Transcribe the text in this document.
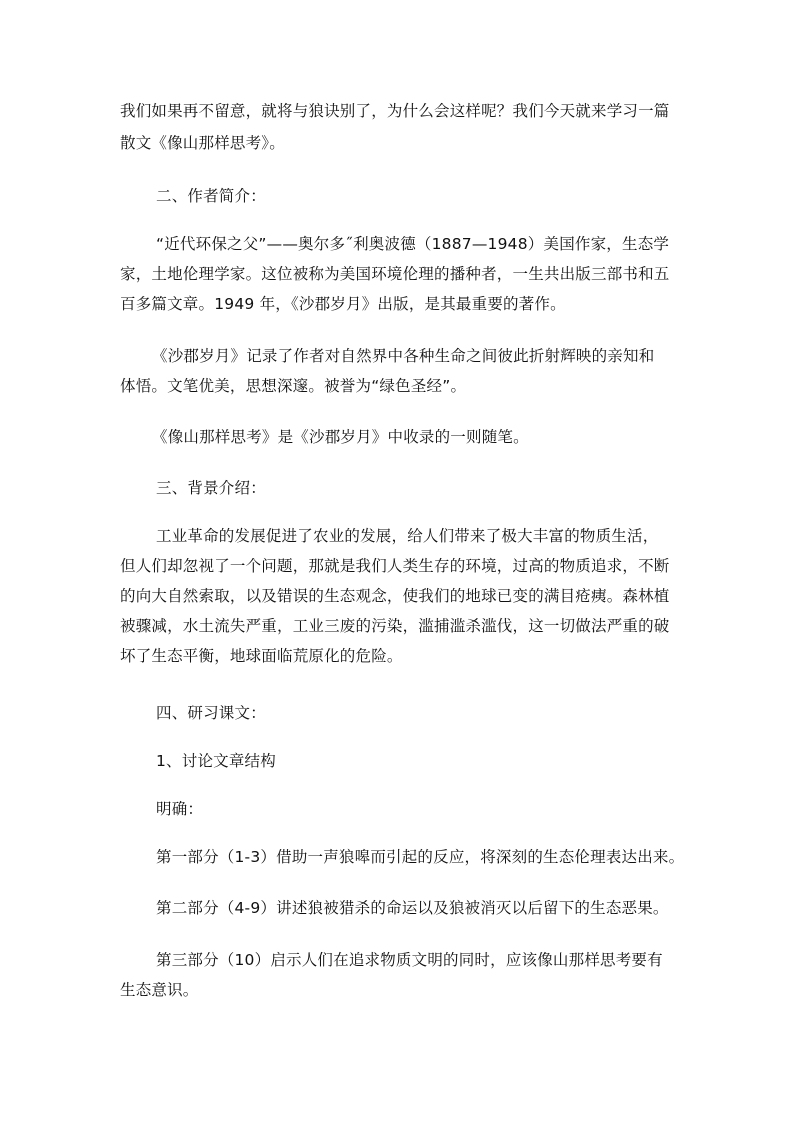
我们如果再不留意，就将与狼诀别了，为什么会这样呢？我们今天就来学习一篇
散文《像山那样思考》。
二、作者简介：
“近代环保之父”——奥尔多˝利奥波德（1887—1948）美国作家，生态学
家，土地伦理学家。这位被称为美国环境伦理的播种者，一生共出版三部书和五
百多篇文章。1949 年，《沙郡岁月》出版，是其最重要的著作。
《沙郡岁月》记录了作者对自然界中各种生命之间彼此折射辉映的亲知和
体悟。文笔优美，思想深邃。被誉为“绿色圣经”。
《像山那样思考》是《沙郡岁月》中收录的一则随笔。
三、背景介绍：
工业革命的发展促进了农业的发展，给人们带来了极大丰富的物质生活，
但人们却忽视了一个问题，那就是我们人类生存的环境，过高的物质追求，不断
的向大自然索取，以及错误的生态观念，使我们的地球已变的满目疮痍。森林植
被骤减，水土流失严重，工业三废的污染，滥捕滥杀滥伐，这一切做法严重的破
坏了生态平衡，地球面临荒原化的危险。
四、研习课文：
1、讨论文章结构
明确：
第一部分（1-3）借助一声狼嗥而引起的反应，将深刻的生态伦理表达出来。
第二部分（4-9）讲述狼被猎杀的命运以及狼被消灭以后留下的生态恶果。
第三部分（10）启示人们在追求物质文明的同时，应该像山那样思考要有
生态意识。
